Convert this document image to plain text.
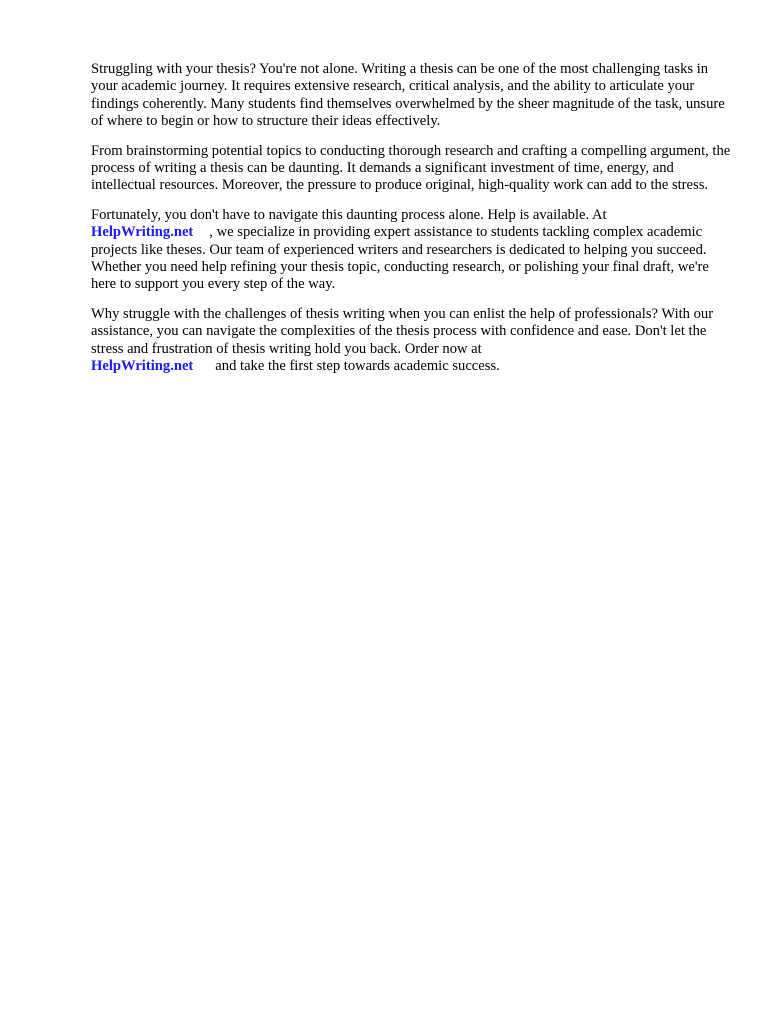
Struggling with your thesis? You're not alone. Writing a thesis can be one of the most challenging tasks in your academic journey. It requires extensive research, critical analysis, and the ability to articulate your findings coherently. Many students find themselves overwhelmed by the sheer magnitude of the task, unsure of where to begin or how to structure their ideas effectively.

From brainstorming potential topics to conducting thorough research and crafting a compelling argument, the process of writing a thesis can be daunting. It demands a significant investment of time, energy, and intellectual resources. Moreover, the pressure to produce original, high-quality work can add to the stress.

Fortunately, you don't have to navigate this daunting process alone. Help is available. At
HelpWriting.net , we specialize in providing expert assistance to students tackling complex academic projects like theses. Our team of experienced writers and researchers is dedicated to helping you succeed. Whether you need help refining your thesis topic, conducting research, or polishing your final draft, we're here to support you every step of the way.

Why struggle with the challenges of thesis writing when you can enlist the help of professionals? With our assistance, you can navigate the complexities of the thesis process with confidence and ease. Don't let the stress and frustration of thesis writing hold you back. Order now at
HelpWriting.net and take the first step towards academic success.
